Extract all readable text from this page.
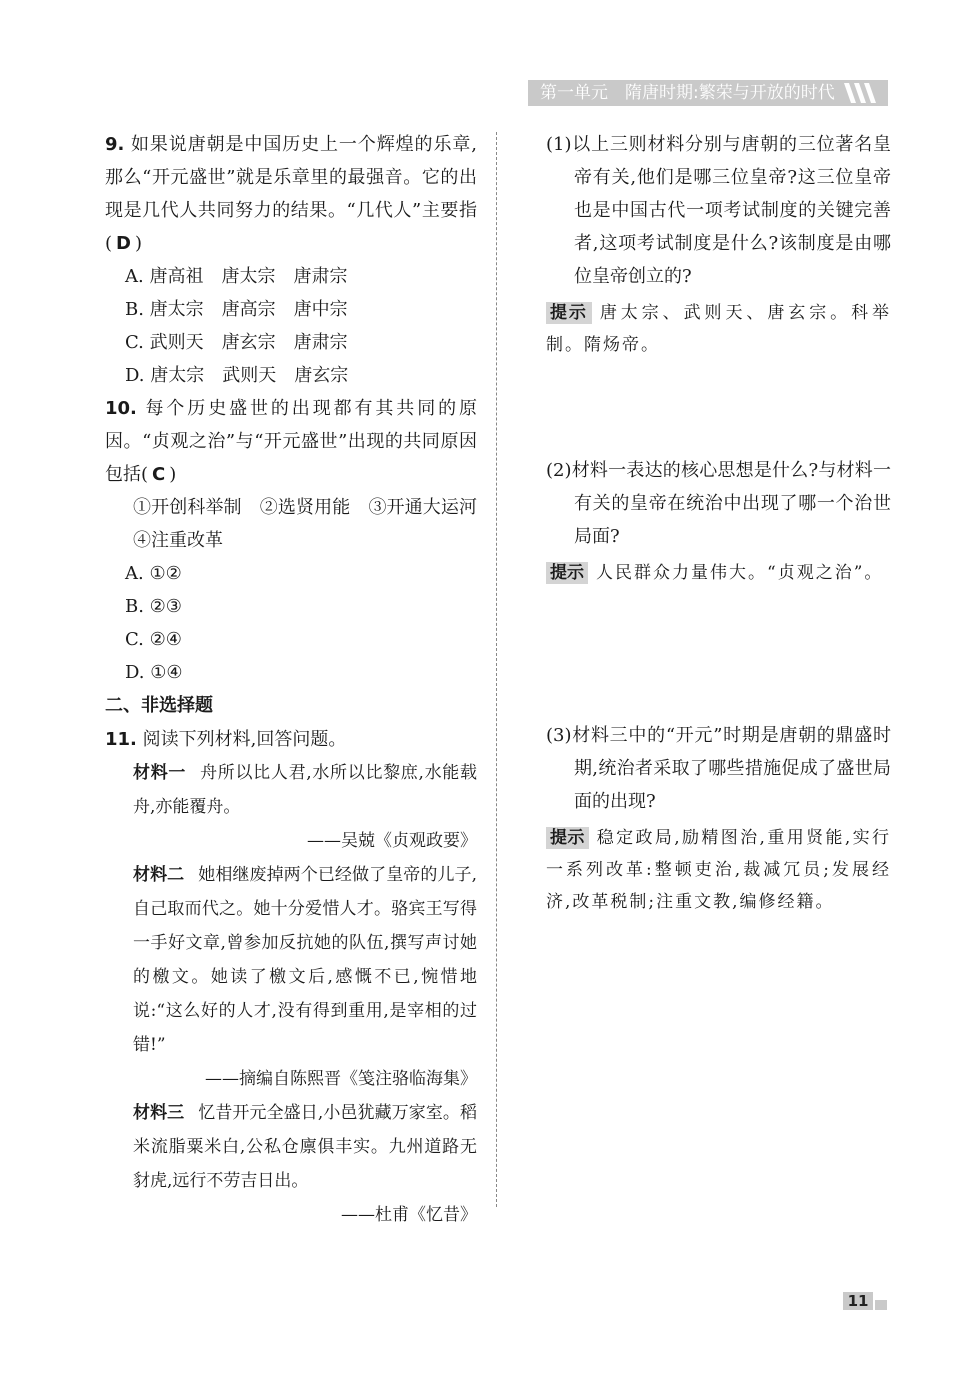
第一单元　隋唐时期:繁荣与开放的时代
9. 如果说唐朝是中国历史上一个辉煌的乐章,那么“开元盛世”就是乐章里的最强音。它的出现是几代人共同努力的结果。“几代人”主要指( D )
A. 唐高祖　唐太宗　唐肃宗
B. 唐太宗　唐高宗　唐中宗
C. 武则天　唐玄宗　唐肃宗
D. 唐太宗　武则天　唐玄宗
10. 每个历史盛世的出现都有其共同的原因。“贞观之治”与“开元盛世”出现的共同原因包括( C )
①开创科举制　②选贤用能　③开通大运河　④注重改革
A. ①②
B. ②③
C. ②④
D. ①④
二、非选择题
11. 阅读下列材料,回答问题。
材料一 舟所以比人君,水所以比黎庶,水能载舟,亦能覆舟。
——吴兢《贞观政要》
材料二 她相继废掉两个已经做了皇帝的儿子,自己取而代之。她十分爱惜人才。骆宾王写得一手好文章,曾参加反抗她的队伍,撰写声讨她的檄文。她读了檄文后,感慨不已,惋惜地说:“这么好的人才,没有得到重用,是宰相的过错!”
——摘编自陈熙晋《笺注骆临海集》
材料三 忆昔开元全盛日,小邑犹藏万家室。稻米流脂粟米白,公私仓廪俱丰实。九州道路无豺虎,远行不劳吉日出。
——杜甫《忆昔》
(1)以上三则材料分别与唐朝的三位著名皇帝有关,他们是哪三位皇帝?这三位皇帝也是中国古代一项考试制度的关键完善者,这项考试制度是什么?该制度是由哪位皇帝创立的?
提示 唐太宗、武则天、唐玄宗。科举制。隋炀帝。
(2)材料一表达的核心思想是什么?与材料一有关的皇帝在统治中出现了哪一个治世局面?
提示 人民群众力量伟大。“贞观之治”。
(3)材料三中的“开元”时期是唐朝的鼎盛时期,统治者采取了哪些措施促成了盛世局面的出现?
提示 稳定政局,励精图治,重用贤能,实行一系列改革:整顿吏治,裁减冗员;发展经济,改革税制;注重文教,编修经籍。
11
